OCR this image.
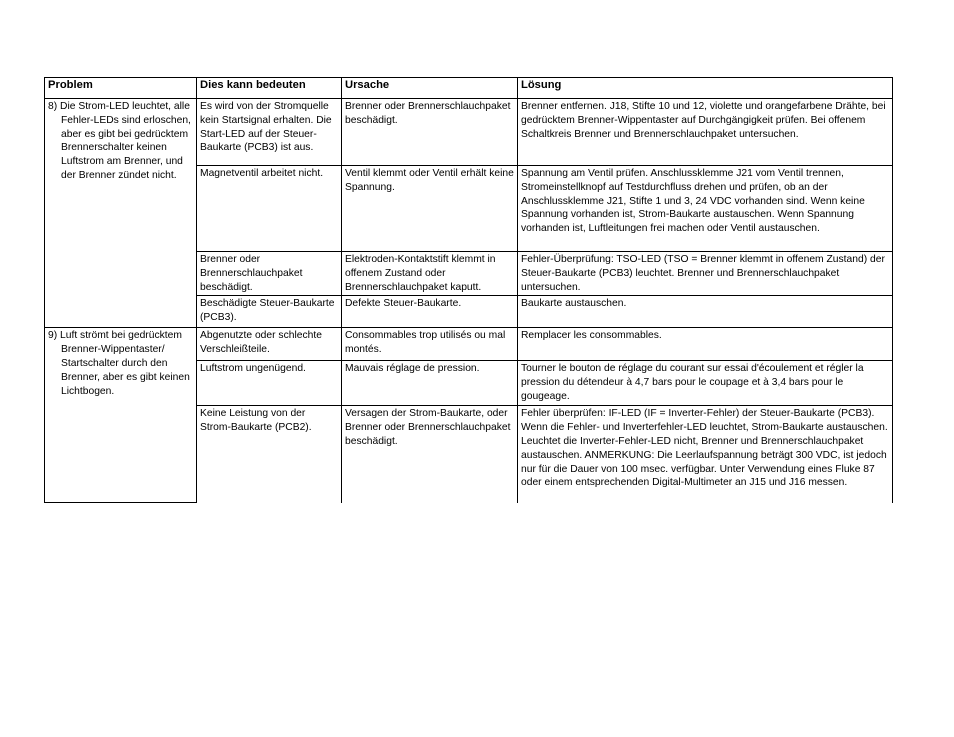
Problem	Dies kann bedeuten	Ursache	Lösung

8) Die Strom-LED leuchtet, alle Fehler-LEDs sind erloschen, aber es gibt bei gedrücktem Brennerschalter keinen Luftstrom am Brenner, und der Brenner zündet nicht.	Es wird von der Stromquelle kein Startsignal erhalten. Die Start-LED auf der Steuer-Baukarte (PCB3) ist aus.	Brenner oder Brennerschlauchpaket beschädigt.	Brenner entfernen. J18, Stifte 10 und 12, violette und orangefarbene Drähte, bei gedrücktem Brenner-Wippentaster auf Durchgängigkeit prüfen. Bei offenem Schaltkreis Brenner und Brennerschlauchpaket untersuchen.
	Magnetventil arbeitet nicht.	Ventil klemmt oder Ventil erhält keine Spannung.	Spannung am Ventil prüfen. Anschlussklemme J21 vom Ventil trennen, Stromeinstellknopf auf Testdurchfluss drehen und prüfen, ob an der Anschlussklemme J21, Stifte 1 und 3, 24 VDC vorhanden sind. Wenn keine Spannung vorhanden ist, Strom-Baukarte austauschen. Wenn Spannung vorhanden ist, Luftleitungen frei machen oder Ventil austauschen.
	Brenner oder Brennerschlauchpaket beschädigt.	Elektroden-Kontaktstift klemmt in offenem Zustand oder Brennerschlauchpaket kaputt.	Fehler-Überprüfung: TSO-LED (TSO = Brenner klemmt in offenem Zustand) der Steuer-Baukarte (PCB3) leuchtet. Brenner und Brennerschlauchpaket untersuchen.
	Beschädigte Steuer-Baukarte (PCB3).	Defekte Steuer-Baukarte.	Baukarte austauschen.

9) Luft strömt bei gedrücktem Brenner-Wippentaster/ Startschalter durch den Brenner, aber es gibt keinen Lichtbogen.	Abgenutzte oder schlechte Verschleißteile.	Consommables trop utilisés ou mal montés.	Remplacer les consommables.
	Luftstrom ungenügend.	Mauvais réglage de pression.	Tourner le bouton de réglage du courant sur essai d'écoulement et régler la pression du détendeur à 4,7 bars pour le coupage et à 3,4 bars pour le gougeage.
	Keine Leistung von der Strom-Baukarte (PCB2).	Versagen der Strom-Baukarte, oder Brenner oder Brennerschlauchpaket beschädigt.	Fehler überprüfen: IF-LED (IF = Inverter-Fehler) der Steuer-Baukarte (PCB3). Wenn die Fehler- und Inverterfehler-LED leuchtet, Strom-Baukarte austauschen. Leuchtet die Inverter-Fehler-LED nicht, Brenner und Brennerschlauchpaket austauschen. ANMERKUNG: Die Leerlaufspannung beträgt 300 VDC, ist jedoch nur für die Dauer von 100 msec. verfügbar. Unter Verwendung eines Fluke 87 oder einem entsprechenden Digital-Multimeter an J15 und J16 messen.
